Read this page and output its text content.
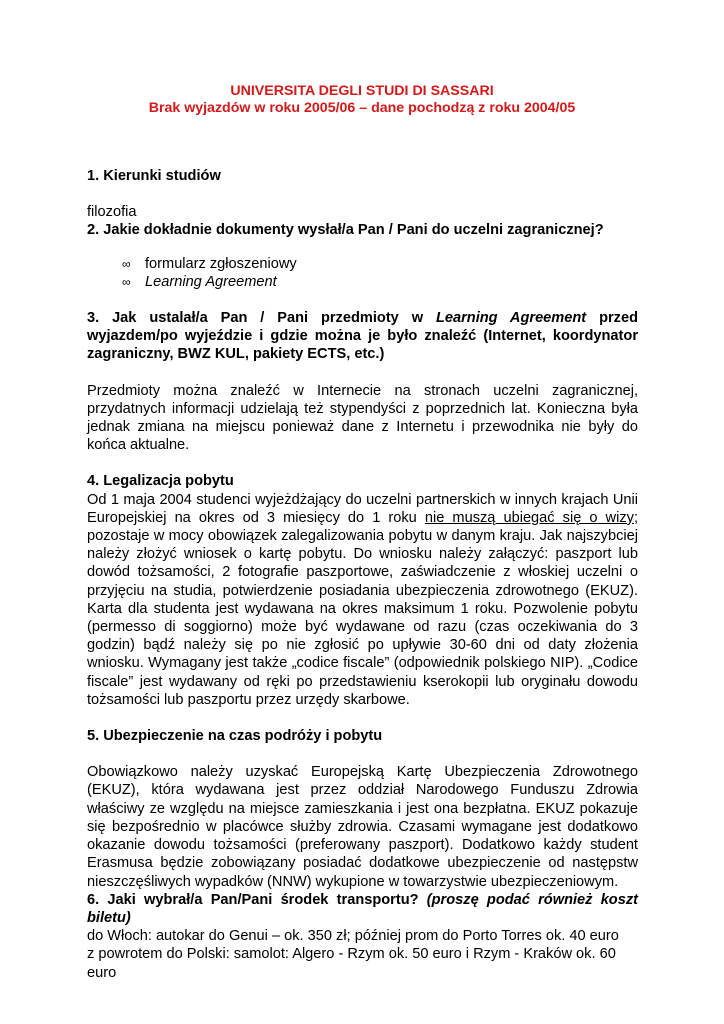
UNIVERSITA DEGLI STUDI DI SASSARI
Brak wyjazdów w roku 2005/06 – dane pochodzą z roku 2004/05

1. Kierunki studiów

filozofia

2. Jakie dokładnie dokumenty wysłał/a Pan / Pani do uczelni zagranicznej?

∞ formularz zgłoszeniowy
∞ Learning Agreement

3. Jak ustalał/a Pan / Pani przedmioty w Learning Agreement przed wyjazdem/po wyjeździe i gdzie można je było znaleźć (Internet, koordynator zagraniczny, BWZ KUL, pakiety ECTS, etc.)

Przedmioty można znaleźć w Internecie na stronach uczelni zagranicznej, przydatnych informacji udzielają też stypendyści z poprzednich lat. Konieczna była jednak zmiana na miejscu ponieważ dane z Internetu i przewodnika nie były do końca aktualne.

4. Legalizacja pobytu

Od 1 maja 2004 studenci wyjeżdżający do uczelni partnerskich w innych krajach Unii Europejskiej na okres od 3 miesięcy do 1 roku nie muszą ubiegać się o wizy; pozostaje w mocy obowiązek zalegalizowania pobytu w danym kraju. Jak najszybciej należy złożyć wniosek o kartę pobytu. Do wniosku należy załączyć: paszport lub dowód tożsamości, 2 fotografie paszportowe, zaświadczenie z włoskiej uczelni o przyjęciu na studia, potwierdzenie posiadania ubezpieczenia zdrowotnego (EKUZ). Karta dla studenta jest wydawana na okres maksimum 1 roku. Pozwolenie pobytu (permesso di soggiorno) może być wydawane od razu (czas oczekiwania do 3 godzin) bądź należy się po nie zgłosić po upływie 30-60 dni od daty złożenia wniosku. Wymagany jest także „codice fiscale” (odpowiednik polskiego NIP). „Codice fiscale” jest wydawany od ręki po przedstawieniu kserokopii lub oryginału dowodu tożsamości lub paszportu przez urzędy skarbowe.

5. Ubezpieczenie na czas podróży i pobytu

Obowiązkowo należy uzyskać Europejską Kartę Ubezpieczenia Zdrowotnego (EKUZ), która wydawana jest przez oddział Narodowego Funduszu Zdrowia właściwy ze względu na miejsce zamieszkania i jest ona bezpłatna. EKUZ pokazuje się bezpośrednio w placówce służby zdrowia. Czasami wymagane jest dodatkowo okazanie dowodu tożsamości (preferowany paszport). Dodatkowo każdy student Erasmusa będzie zobowiązany posiadać dodatkowe ubezpieczenie od następstw nieszczęśliwych wypadków (NNW) wykupione w towarzystwie ubezpieczeniowym.

6. Jaki wybrał/a Pan/Pani środek transportu? (proszę podać również koszt biletu)

do Włoch: autokar do Genui – ok. 350 zł; później prom do Porto Torres ok. 40 euro

z powrotem do Polski: samolot: Algero - Rzym ok. 50 euro i Rzym - Kraków ok. 60 euro
